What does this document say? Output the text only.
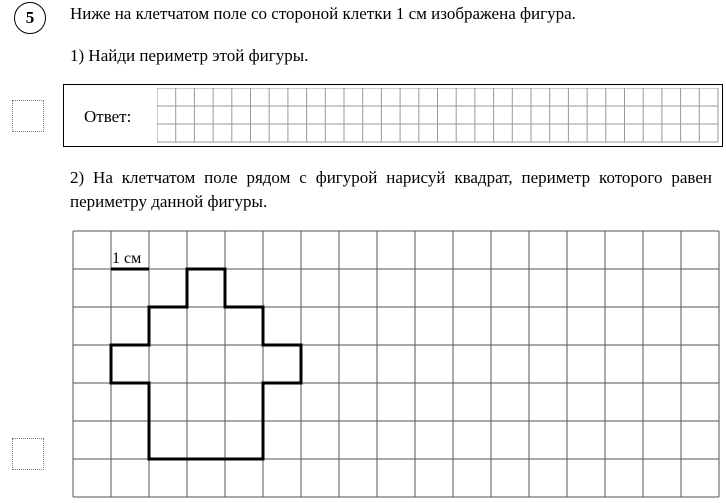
5 Ниже на клетчатом поле со стороной клетки 1 см изображена фигура.
1) Найди периметр этой фигуры.
Ответ:
2) На клетчатом поле рядом с фигурой нарисуй квадрат, периметр которого равен периметру данной фигуры.
1 см
